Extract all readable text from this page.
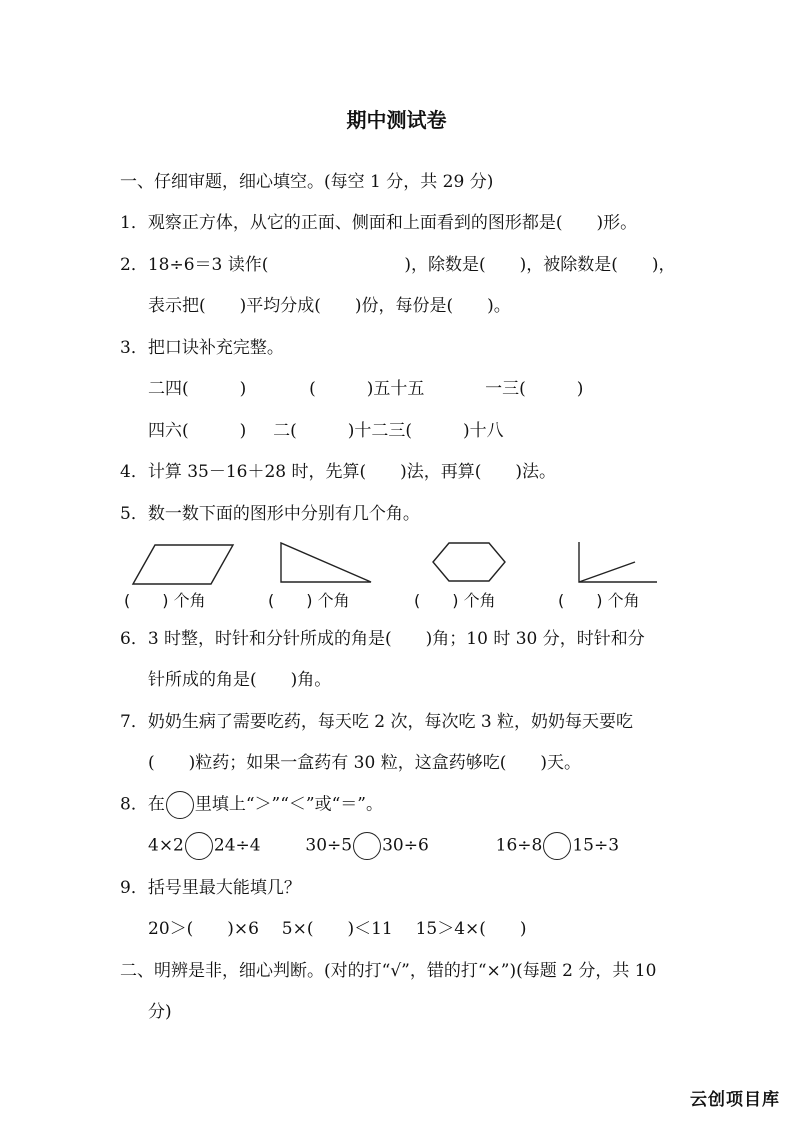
期中测试卷
一、仔细审题，细心填空。(每空 1 分，共 29 分)
1．观察正方体，从它的正面、侧面和上面看到的图形都是(　　)形。
2．18÷6＝3 读作(　　　　　　　　)，除数是(　　)，被除数是(　　)，
表示把(　　)平均分成(　　)份，每份是(　　)。
3．把口诀补充完整。
二四(　　　)	(　　　)五十五	一三(　　　)
四六(　　　) 二(　　　)十二三(　　　)十八
4．计算 35－16＋28 时，先算(　　)法，再算(　　)法。
5．数一数下面的图形中分别有几个角。
(　　) 个角	(　　) 个角	(　　) 个角	(　　) 个角
6．3 时整，时针和分针所成的角是(　　)角；10 时 30 分，时针和分
针所成的角是(　　)角。
7．奶奶生病了需要吃药，每天吃 2 次，每次吃 3 粒，奶奶每天要吃
(　　)粒药；如果一盒药有 30 粒，这盒药够吃(　　)天。
8．在 里填上“＞”“＜”或“＝”。
4×2 24÷4	30÷5 30÷6	16÷8 15÷3
9．括号里最大能填几？
20＞(　　)×6 5×(　　)＜11 15＞4×(　　)
二、明辨是非，细心判断。(对的打“√”，错的打“×”)(每题 2 分，共 10
分)
云创项目库
